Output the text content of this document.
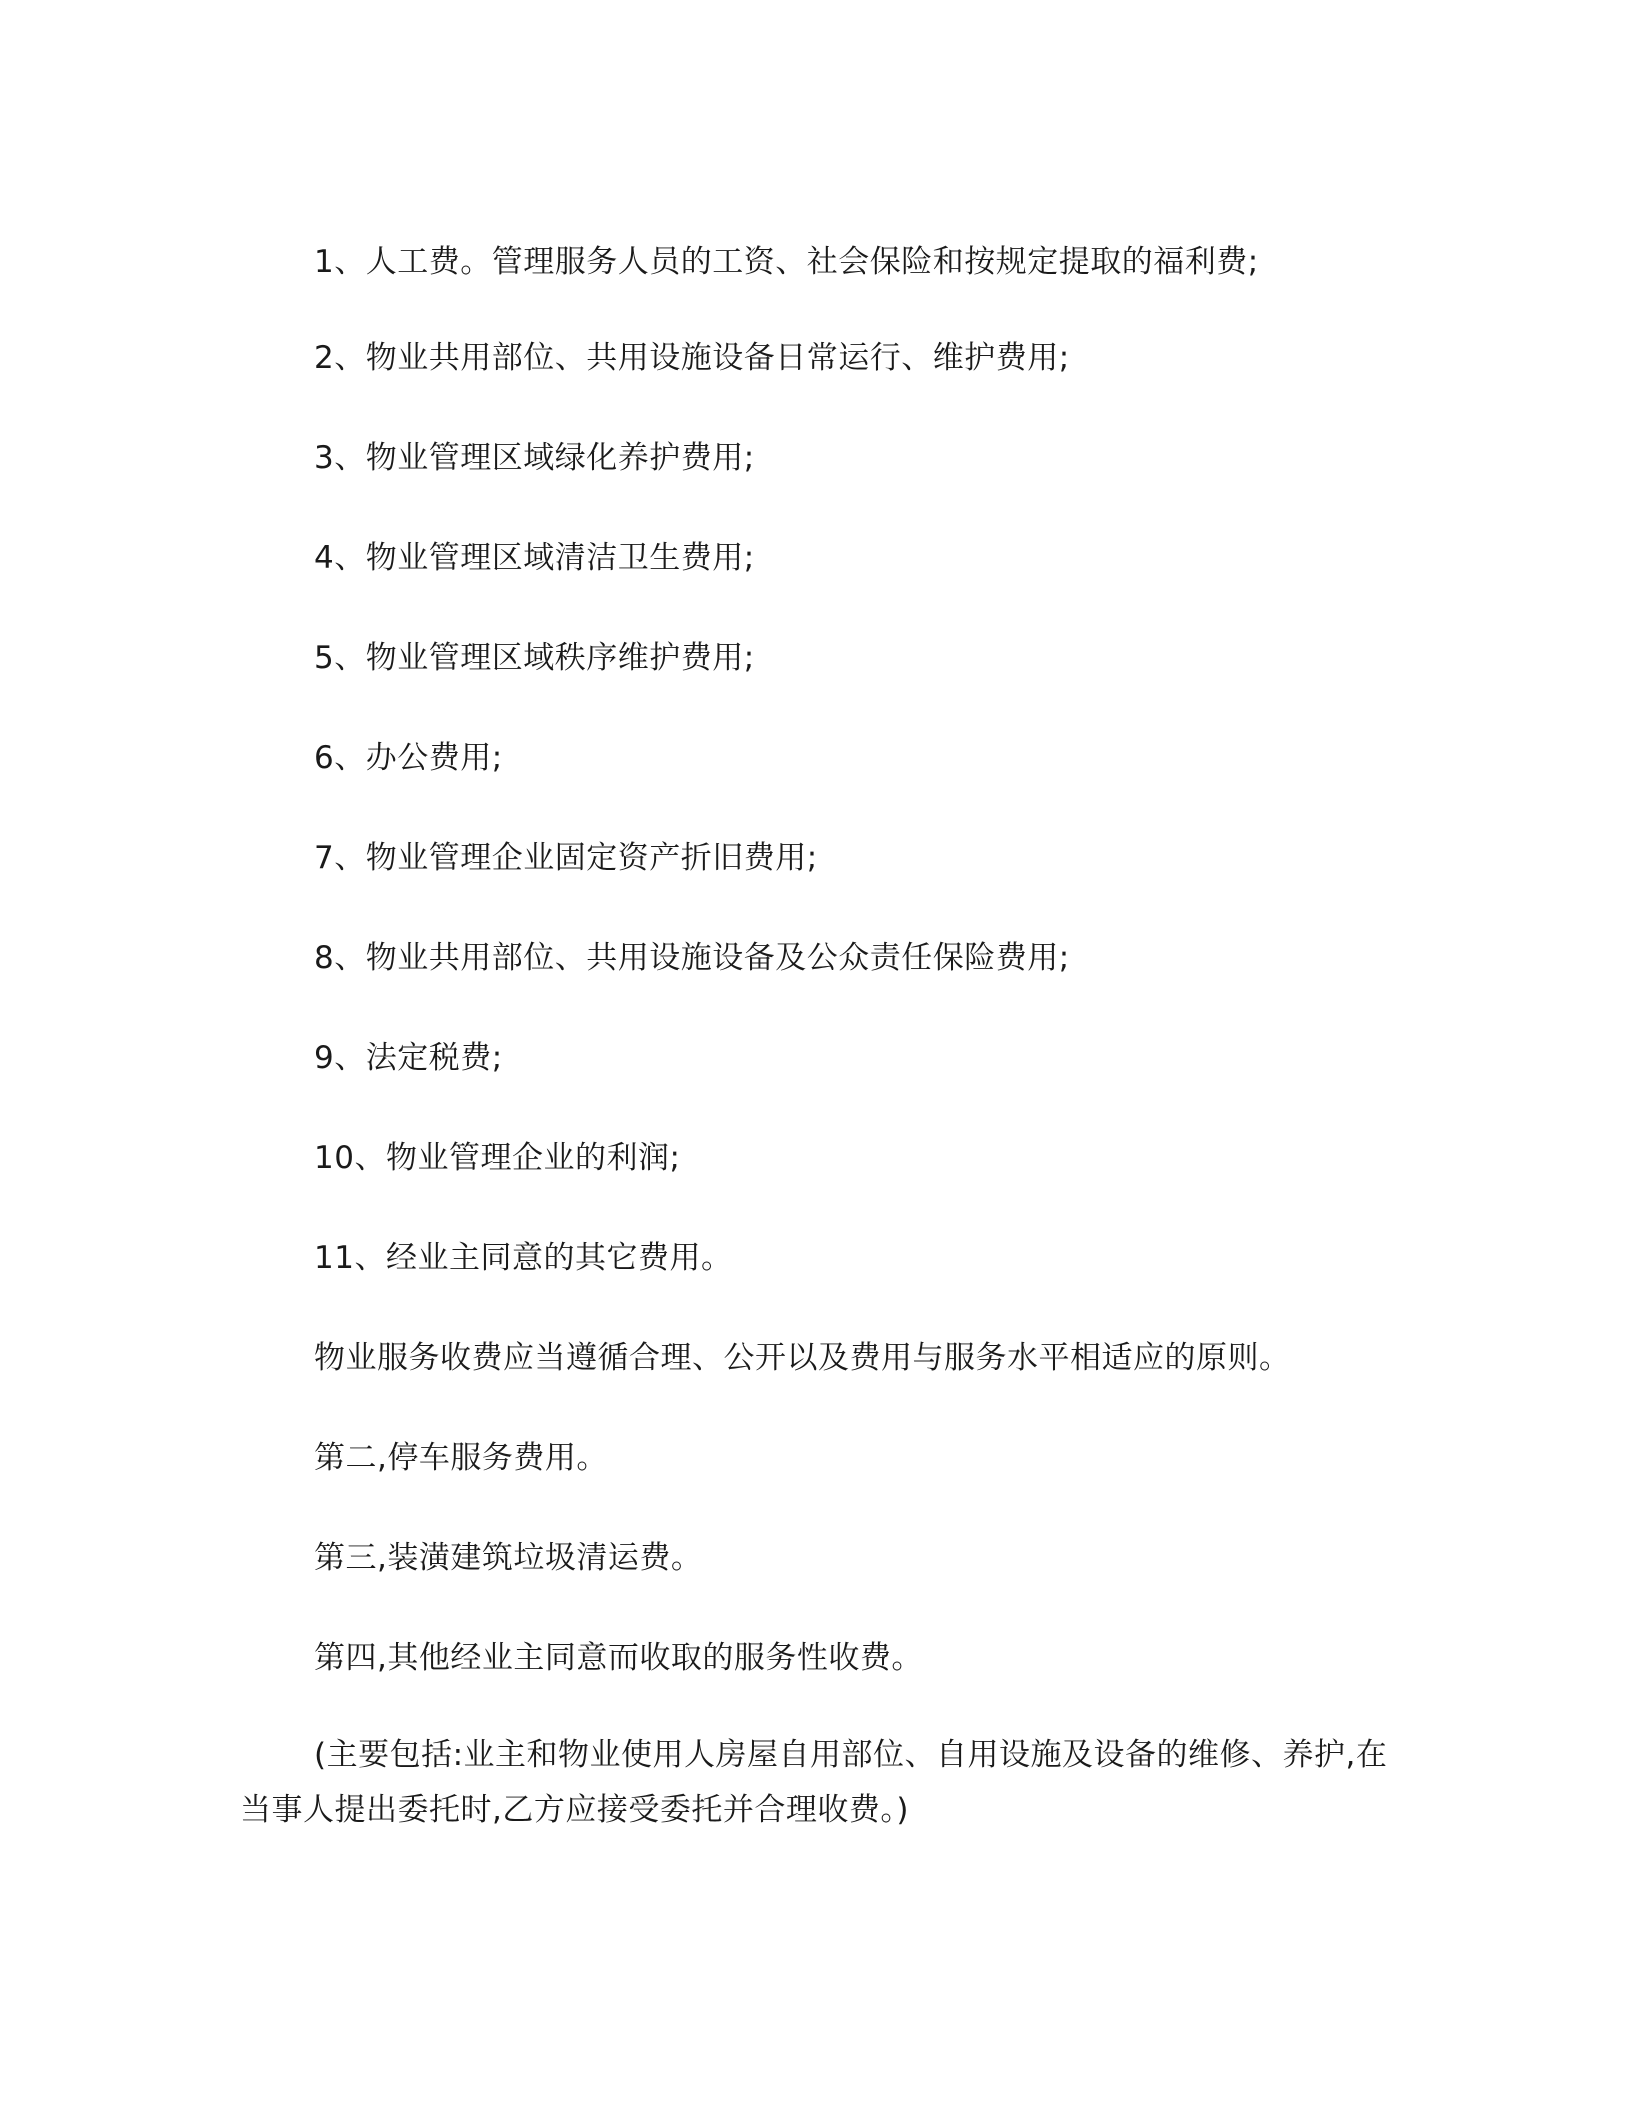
1、人工费。管理服务人员的工资、社会保险和按规定提取的福利费;
2、物业共用部位、共用设施设备日常运行、维护费用;
3、物业管理区域绿化养护费用;
4、物业管理区域清洁卫生费用;
5、物业管理区域秩序维护费用;
6、办公费用;
7、物业管理企业固定资产折旧费用;
8、物业共用部位、共用设施设备及公众责任保险费用;
9、法定税费;
10、物业管理企业的利润;
11、经业主同意的其它费用。
物业服务收费应当遵循合理、公开以及费用与服务水平相适应的原则。
第二,停车服务费用。
第三,装潢建筑垃圾清运费。
第四,其他经业主同意而收取的服务性收费。
(主要包括:业主和物业使用人房屋自用部位、自用设施及设备的维修、养护,在当事人提出委托时,乙方应接受委托并合理收费。)
